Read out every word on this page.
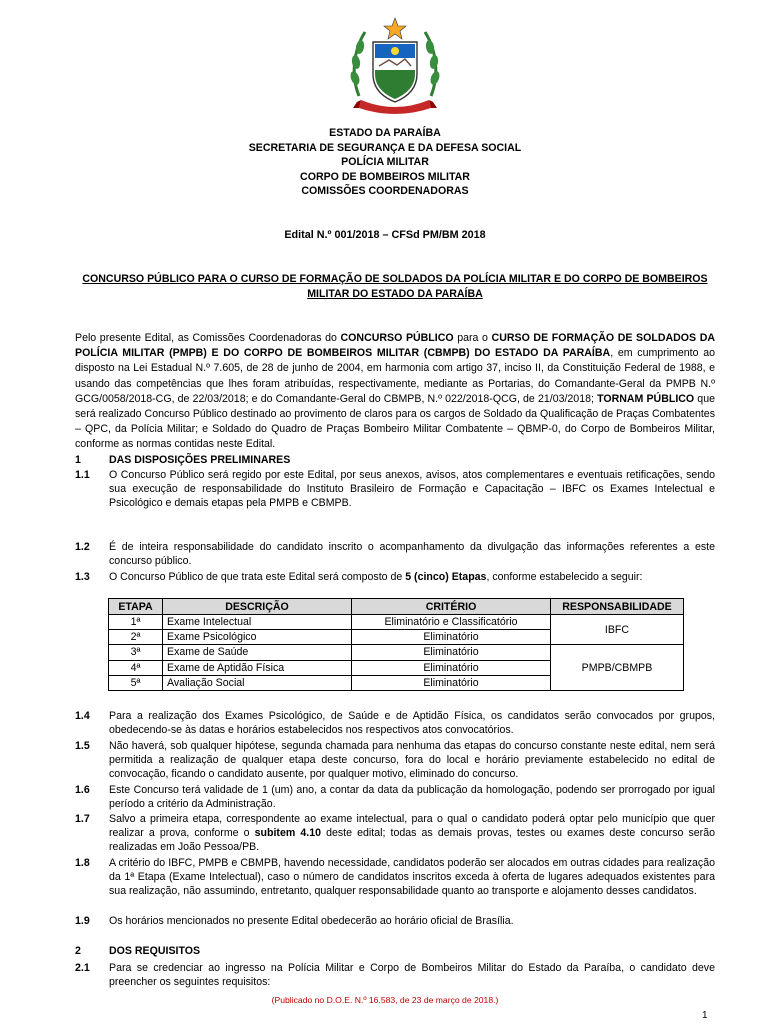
ESTADO DA PARAÍBA
SECRETARIA DE SEGURANÇA E DA DEFESA SOCIAL
POLÍCIA MILITAR
CORPO DE BOMBEIROS MILITAR
COMISSÕES COORDENADORAS
Edital N.º 001/2018 – CFSd PM/BM 2018
CONCURSO PÚBLICO PARA O CURSO DE FORMAÇÃO DE SOLDADOS DA POLÍCIA MILITAR E DO CORPO DE BOMBEIROS MILITAR DO ESTADO DA PARAÍBA
Pelo presente Edital, as Comissões Coordenadoras do CONCURSO PÚBLICO para o CURSO DE FORMAÇÃO DE SOLDADOS DA POLÍCIA MILITAR (PMPB) E DO CORPO DE BOMBEIROS MILITAR (CBMPB) DO ESTADO DA PARAÍBA, em cumprimento ao disposto na Lei Estadual N.º 7.605, de 28 de junho de 2004, em harmonia com artigo 37, inciso II, da Constituição Federal de 1988, e usando das competências que lhes foram atribuídas, respectivamente, mediante as Portarias, do Comandante-Geral da PMPB N.º GCG/0058/2018-CG, de 22/03/2018; e do Comandante-Geral do CBMPB, N.º 022/2018-QCG, de 21/03/2018; TORNAM PÚBLICO que será realizado Concurso Público destinado ao provimento de claros para os cargos de Soldado da Qualificação de Praças Combatentes – QPC, da Polícia Militar; e Soldado do Quadro de Praças Bombeiro Militar Combatente – QBMP-0, do Corpo de Bombeiros Militar, conforme as normas contidas neste Edital.
1	DAS DISPOSIÇÕES PRELIMINARES
1.1	O Concurso Público será regido por este Edital, por seus anexos, avisos, atos complementares e eventuais retificações, sendo sua execução de responsabilidade do Instituto Brasileiro de Formação e Capacitação – IBFC os Exames Intelectual e Psicológico e demais etapas pela PMPB e CBMPB.
1.2	É de inteira responsabilidade do candidato inscrito o acompanhamento da divulgação das informações referentes a este concurso público.
1.3	O Concurso Público de que trata este Edital será composto de 5 (cinco) Etapas, conforme estabelecido a seguir:
ETAPA	DESCRIÇÃO	CRITÉRIO	RESPONSABILIDADE
1ª	Exame Intelectual	Eliminatório e Classificatório	IBFC
2ª	Exame Psicológico	Eliminatório	
3ª	Exame de Saúde	Eliminatório	PMPB/CBMPB
4ª	Exame de Aptidão Física	Eliminatório	
5ª	Avaliação Social	Eliminatório	
1.4	Para a realização dos Exames Psicológico, de Saúde e de Aptidão Física, os candidatos serão convocados por grupos, obedecendo-se às datas e horários estabelecidos nos respectivos atos convocatórios.
1.5	Não haverá, sob qualquer hipótese, segunda chamada para nenhuma das etapas do concurso constante neste edital, nem será permitida a realização de qualquer etapa deste concurso, fora do local e horário previamente estabelecido no edital de convocação, ficando o candidato ausente, por qualquer motivo, eliminado do concurso.
1.6	Este Concurso terá validade de 1 (um) ano, a contar da data da publicação da homologação, podendo ser prorrogado por igual período a critério da Administração.
1.7	Salvo a primeira etapa, correspondente ao exame intelectual, para o qual o candidato poderá optar pelo município que quer realizar a prova, conforme o subitem 4.10 deste edital; todas as demais provas, testes ou exames deste concurso serão realizadas em João Pessoa/PB.
1.8	A critério do IBFC, PMPB e CBMPB, havendo necessidade, candidatos poderão ser alocados em outras cidades para realização da 1ª Etapa (Exame Intelectual), caso o número de candidatos inscritos exceda à oferta de lugares adequados existentes para sua realização, não assumindo, entretanto, qualquer responsabilidade quanto ao transporte e alojamento desses candidatos.
1.9	Os horários mencionados no presente Edital obedecerão ao horário oficial de Brasília.
2	DOS REQUISITOS
2.1	Para se credenciar ao ingresso na Polícia Militar e Corpo de Bombeiros Militar do Estado da Paraíba, o candidato deve preencher os seguintes requisitos:
(Publicado no D.O.E. N.º 16.583, de 23 de março de 2018.)
1
